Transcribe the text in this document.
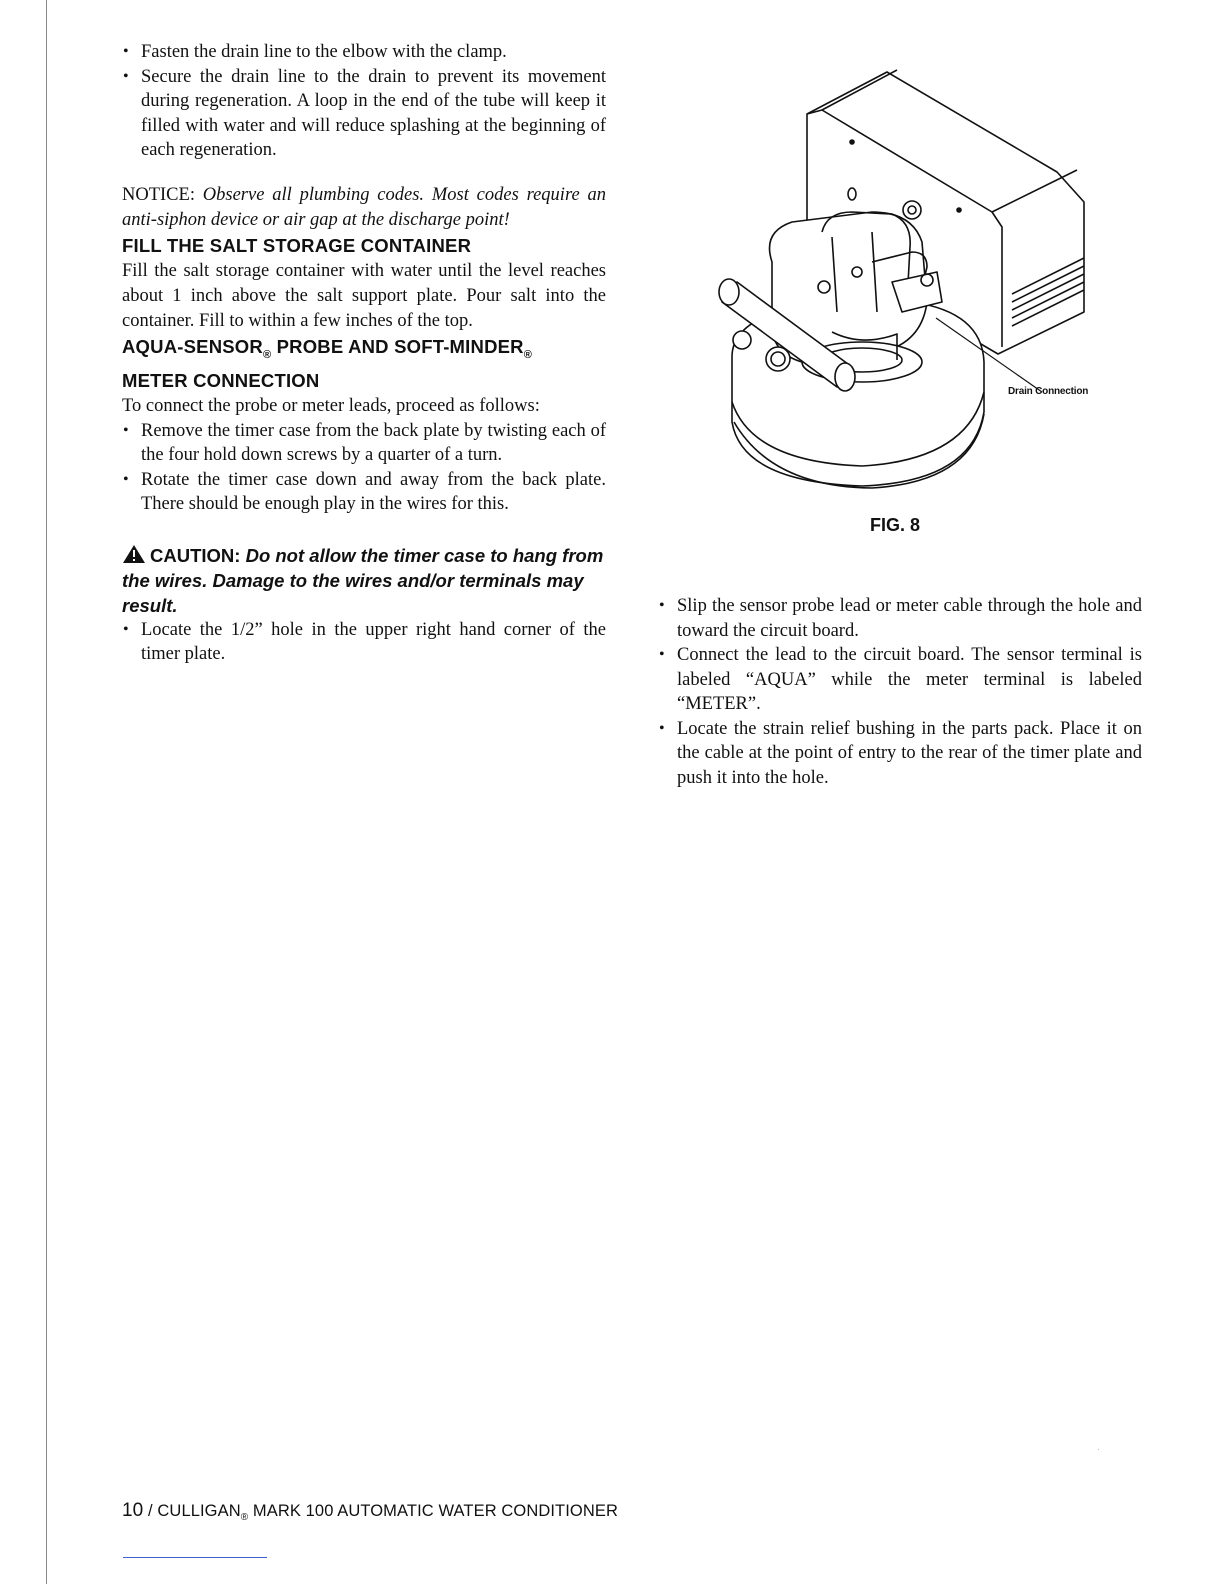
• Fasten the drain line to the elbow with the clamp.
• Secure the drain line to the drain to prevent its movement during regeneration. A loop in the end of the tube will keep it filled with water and will reduce splashing at the beginning of each regeneration.

NOTICE: Observe all plumbing codes. Most codes require an anti-siphon device or air gap at the discharge point!

FILL THE SALT STORAGE CONTAINER

Fill the salt storage container with water until the level reaches about 1 inch above the salt support plate. Pour salt into the container. Fill to within a few inches of the top.

AQUA-$SENSOR_®$ PROBE AND SOFT-$MINDER_®$
METER CONNECTION

To connect the probe or meter leads, proceed as follows:

• Remove the timer case from the back plate by twisting each of the four hold down screws by a quarter of a turn.
• Rotate the timer case down and away from the back plate. There should be enough play in the wires for this.
CAUTION: Do not allow the timer case to hang from the wires. Damage to the wires and/or terminals may result.
• Locate the 1/2” hole in the upper right hand corner of the timer plate.
Drain Connection
FIG. 8
• Slip the sensor probe lead or meter cable through the hole and toward the circuit board.
• Connect the lead to the circuit board. The sensor terminal is labeled “AQUA” while the meter terminal is labeled “METER”.
• Locate the strain relief bushing in the parts pack. Place it on the cable at the point of entry to the rear of the timer plate and push it into the hole.
$10 / CULLIGAN_®$ MARK 100 AUTOMATIC WATER CONDITIONER
